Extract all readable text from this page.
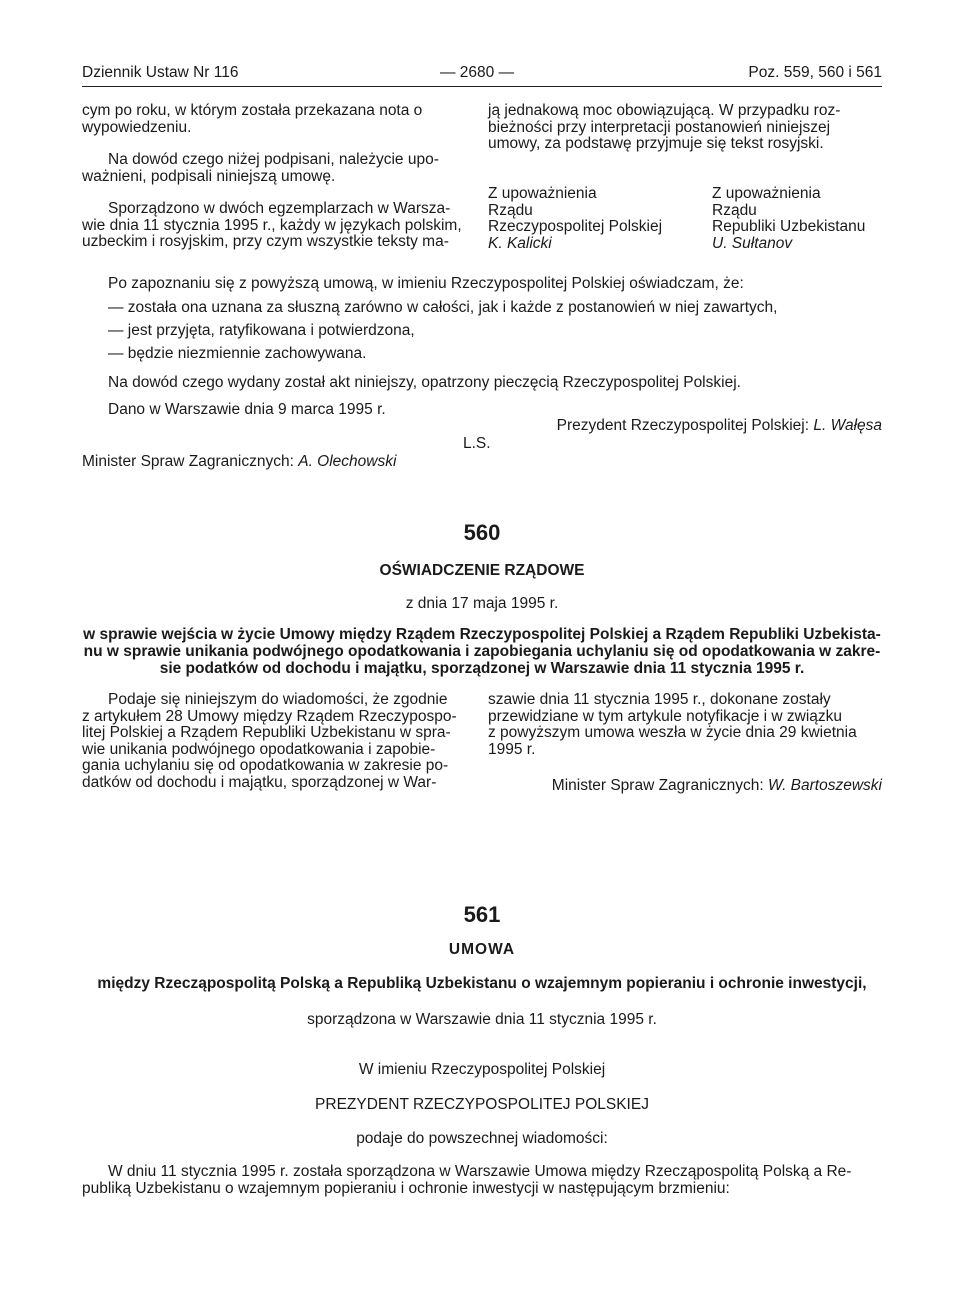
Dziennik Ustaw Nr 116	— 2680 —	Poz. 559, 560 i 561

cym po roku, w którym została przekazana nota o

wypowiedzeniu.

Na dowód czego niżej podpisani, należycie upo-

ważnieni, podpisali niniejszą umowę.

Sporządzono w dwóch egzemplarzach w Warsza-

wie dnia 11 stycznia 1995 r., każdy w językach polskim,

uzbeckim i rosyjskim, przy czym wszystkie teksty ma-

ją jednakową moc obowiązującą. W przypadku roz-

bieżności przy interpretacji postanowień niniejszej

umowy, za podstawę przyjmuje się tekst rosyjski.

Z upoważnienia
Rządu
Rzeczypospolitej Polskiej
K. Kalicki
Z upoważnienia
Rządu
Republiki Uzbekistanu
U. Sułtanov
Po zapoznaniu się z powyższą umową, w imieniu Rzeczypospolitej Polskiej oświadczam, że:
— została ona uznana za słuszną zarówno w całości, jak i każde z postanowień w niej zawartych,
— jest przyjęta, ratyfikowana i potwierdzona,
— będzie niezmiennie zachowywana.
Na dowód czego wydany został akt niniejszy, opatrzony pieczęcią Rzeczypospolitej Polskiej.
Dano w Warszawie dnia 9 marca 1995 r.
Prezydent Rzeczypospolitej Polskiej: L. Wałęsa
L.S.
Minister Spraw Zagranicznych: A. Olechowski
560
OŚWIADCZENIE RZĄDOWE
z dnia 17 maja 1995 r.
w sprawie wejścia w życie Umowy między Rządem Rzeczypospolitej Polskiej a Rządem Republiki Uzbekista-
nu w sprawie unikania podwójnego opodatkowania i zapobiegania uchylaniu się od opodatkowania w zakre-
sie podatków od dochodu i majątku, sporządzonej w Warszawie dnia 11 stycznia 1995 r.

Podaje się niniejszym do wiadomości, że zgodnie

z artykułem 28 Umowy między Rządem Rzeczypospo-

litej Polskiej a Rządem Republiki Uzbekistanu w spra-

wie unikania podwójnego opodatkowania i zapobie-

gania uchylaniu się od opodatkowania w zakresie po-

datków od dochodu i majątku, sporządzonej w War-

szawie dnia 11 stycznia 1995 r., dokonane zostały

przewidziane w tym artykule notyfikacje i w związku

z powyższym umowa weszła w życie dnia 29 kwietnia

1995 r.

Minister Spraw Zagranicznych: W. Bartoszewski
561
UMOWA
między Rzecząpospolitą Polską a Republiką Uzbekistanu o wzajemnym popieraniu i ochronie inwestycji,
sporządzona w Warszawie dnia 11 stycznia 1995 r.
W imieniu Rzeczypospolitej Polskiej
PREZYDENT RZECZYPOSPOLITEJ POLSKIEJ
podaje do powszechnej wiadomości:

W dniu 11 stycznia 1995 r. została sporządzona w Warszawie Umowa między Rzecząpospolitą Polską a Re-

publiką Uzbekistanu o wzajemnym popieraniu i ochronie inwestycji w następującym brzmieniu:
